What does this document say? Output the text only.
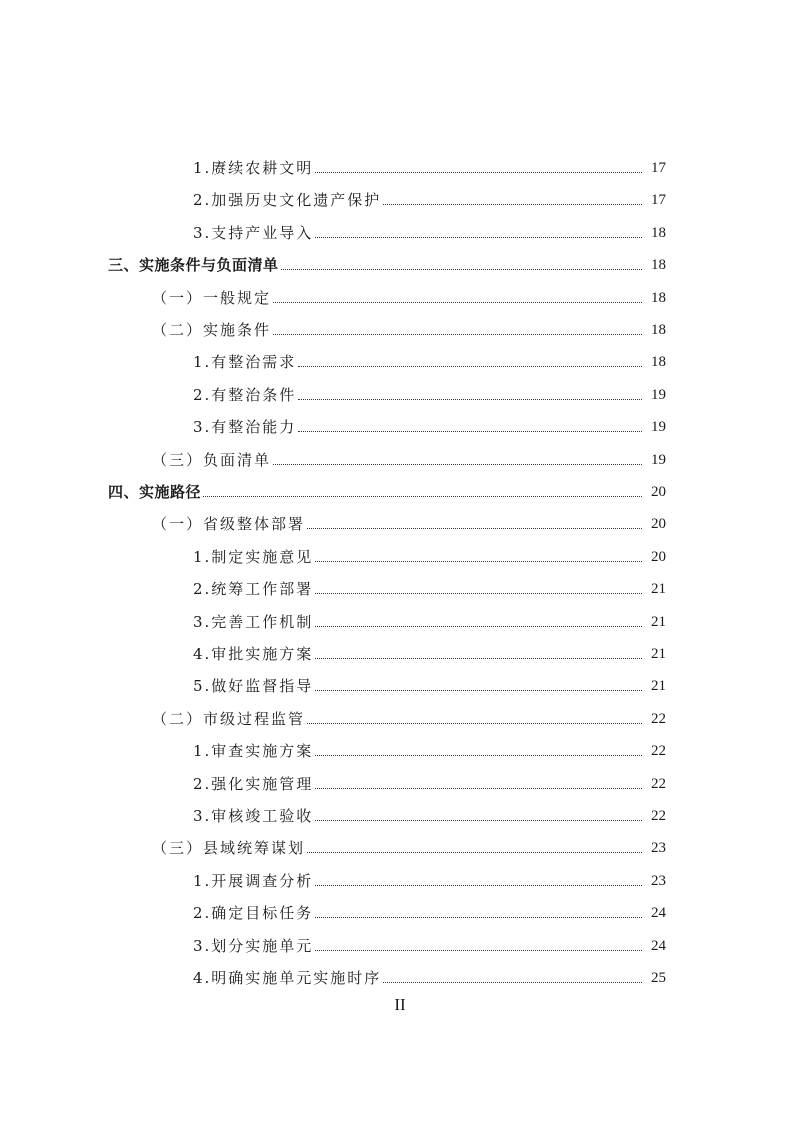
1.赓续农耕文明	17
2.加强历史文化遗产保护	17
3.支持产业导入	18
三、实施条件与负面清单	18
（一）一般规定	18
（二）实施条件	18
1.有整治需求	18
2.有整治条件	19
3.有整治能力	19
（三）负面清单	19
四、实施路径	20
（一）省级整体部署	20
1.制定实施意见	20
2.统筹工作部署	21
3.完善工作机制	21
4.审批实施方案	21
5.做好监督指导	21
（二）市级过程监管	22
1.审查实施方案	22
2.强化实施管理	22
3.审核竣工验收	22
（三）县域统筹谋划	23
1.开展调查分析	23
2.确定目标任务	24
3.划分实施单元	24
4.明确实施单元实施时序	25
II
